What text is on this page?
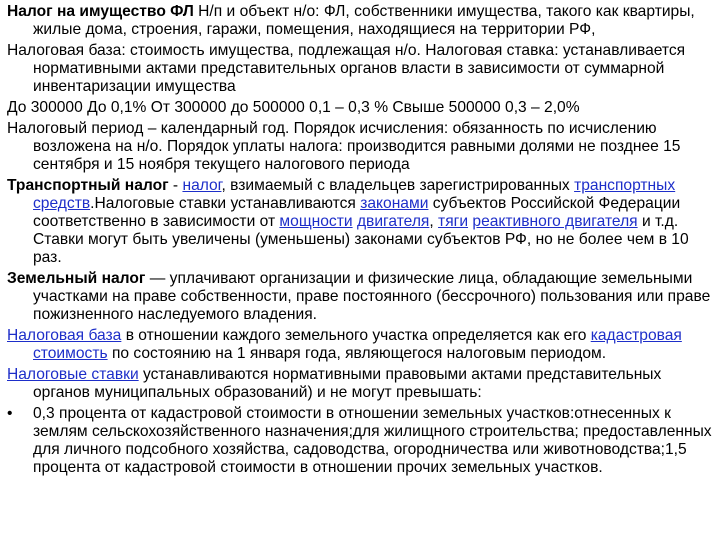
Налог на имущество ФЛ Н/п и объект н/о: ФЛ, собственники имущества, такого как квартиры, жилые дома, строения, гаражи, помещения, находящиеся на территории РФ,

Налоговая база: стоимость имущества, подлежащая н/о. Налоговая ставка: устанавливается нормативными актами представительных органов власти в зависимости от суммарной инвентаризации имущества

До 300000 До 0,1% От 300000 до 500000 0,1 – 0,3 % Свыше 500000 0,3 – 2,0%

Налоговый период – календарный год. Порядок исчисления: обязанность по исчислению возложена на н/о. Порядок уплаты налога: производится равными долями не позднее 15 сентября и 15 ноября текущего налогового периода

Транспортный налог - налог, взимаемый с владельцев зарегистрированных транспортных средств.Налоговые ставки устанавливаются законами субъектов Российской Федерации соответственно в зависимости от мощности двигателя, тяги реактивного двигателя и т.д. Ставки могут быть увеличены (уменьшены) законами субъектов РФ, но не более чем в 10 раз.

Земельный налог — уплачивают организации и физические лица, обладающие земельными участками на праве собственности, праве постоянного (бессрочного) пользования или праве пожизненного наследуемого владения.

Налоговая база в отношении каждого земельного участка определяется как его кадастровая стоимость по состоянию на 1 января года, являющегося налоговым периодом.

Налоговые ставки устанавливаются нормативными правовыми актами представительных органов муниципальных образований) и не могут превышать:

•	0,3 процента от кадастровой стоимости в отношении земельных участков:отнесенных к землям сельскохозяйственного назначения;для жилищного строительства; предоставленных для личного подсобного хозяйства, садоводства, огородничества или животноводства;1,5 процента от кадастровой стоимости в отношении прочих земельных участков.
